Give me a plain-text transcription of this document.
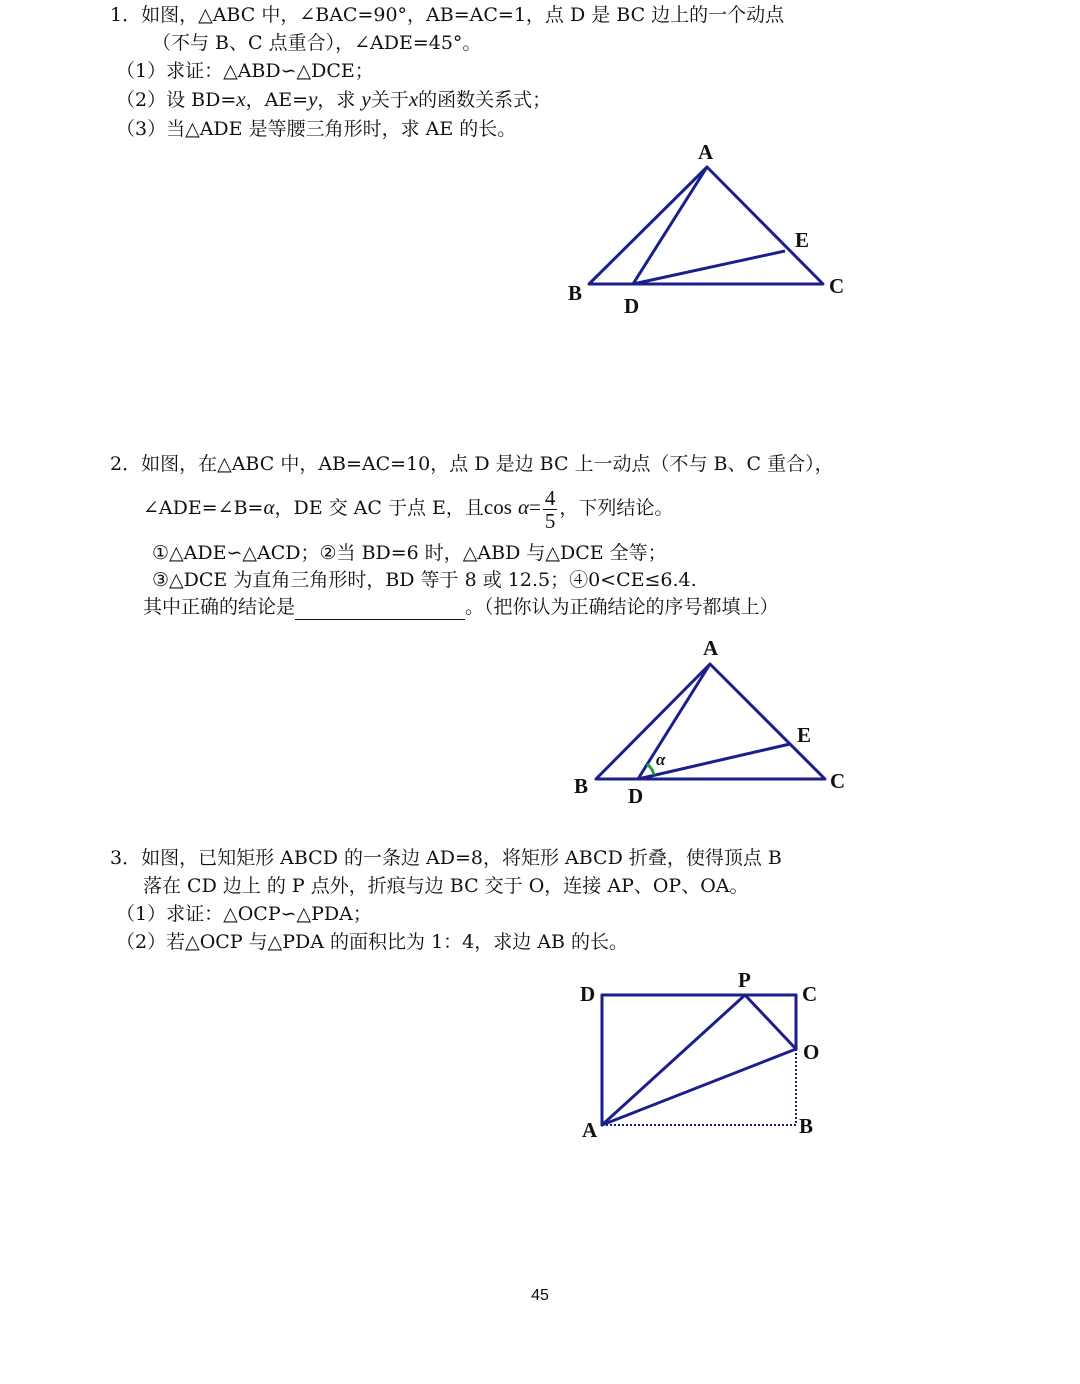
1．如图，△ABC 中，∠BAC=90°，AB=AC=1，点 D 是 BC 边上的一个动点
（不与 B、C 点重合），∠ADE=45°。
（1）求证：△ABD∽△DCE；
（2）设 BD=x，AE=y，求 y关于x的函数关系式；
（3）当△ADE 是等腰三角形时，求 AE 的长。
A
B	C
D
E
2．如图，在△ABC 中，AB=AC=10，点 D 是边 BC 上一动点（不与 B、C 重合），
∠ADE=∠B=α，DE 交 AC 于点 E，且$\cos \alpha= \frac{4}{5}$ ，下列结论。
①△ADE∽△ACD；②当 BD=6 时，△ABD 与△DCE 全等；
③△DCE 为直角三角形时，BD 等于 8 或 12.5；④0<CE≤6.4.
其中正确的结论是	。（把你认为正确结论的序号都填上）
α
A
B	C
D
E
3．如图，已知矩形 ABCD 的一条边 AD=8，将矩形 ABCD 折叠，使得顶点 B
落在 CD 边上 的 P 点外，折痕与边 BC 交于 O，连接 AP、OP、OA。
（1）求证：△OCP∽△PDA；
（2）若△OCP 与△PDA 的面积比为 1：4，求边 AB 的长。
D
P
C
O
A	B
45
